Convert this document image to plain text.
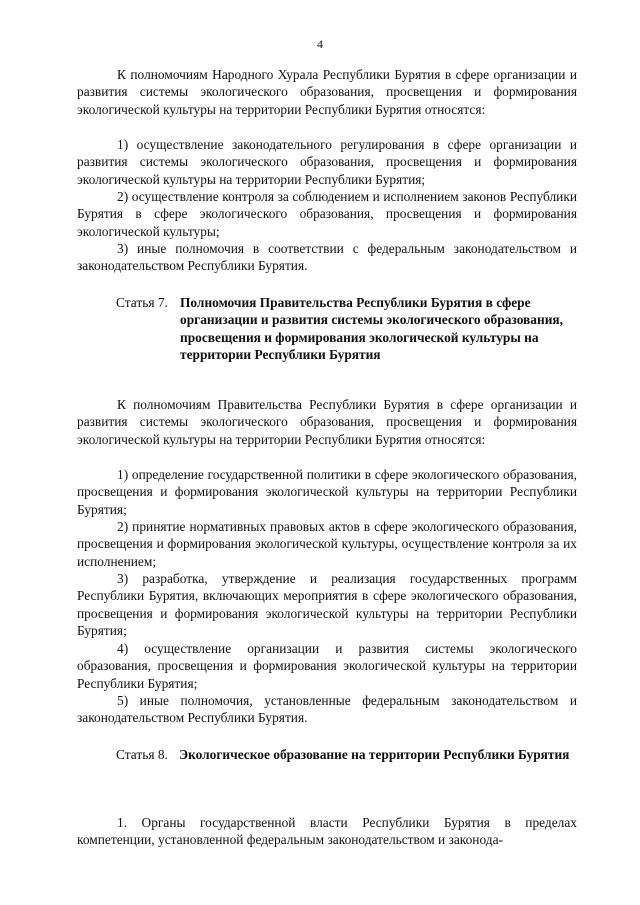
4
К полномочиям Народного Хурала Республики Бурятия в сфере организации и развития системы экологического образования, просвещения и формирования экологической культуры на территории Республики Бурятия относятся:
1) осуществление законодательного регулирования в сфере организации и развития системы экологического образования, просвещения и формирования экологической культуры на территории Республики Бурятия;
2) осуществление контроля за соблюдением и исполнением законов Республики Бурятия в сфере экологического образования, просвещения и формирования экологической культуры;
3) иные полномочия в соответствии с федеральным законодательством и законодательством Республики Бурятия.
Статья 7. Полномочия Правительства Республики Бурятия в сфере организации и развития системы экологического образования, просвещения и формирования экологической культуры на территории Республики Бурятия
К полномочиям Правительства Республики Бурятия в сфере организации и развития системы экологического образования, просвещения и формирования экологической культуры на территории Республики Бурятия относятся:
1) определение государственной политики в сфере экологического образования, просвещения и формирования экологической культуры на территории Республики Бурятия;
2) принятие нормативных правовых актов в сфере экологического образования, просвещения и формирования экологической культуры, осуществление контроля за их исполнением;
3) разработка, утверждение и реализация государственных программ Республики Бурятия, включающих мероприятия в сфере экологического образования, просвещения и формирования экологической культуры на территории Республики Бурятия;
4) осуществление организации и развития системы экологического образования, просвещения и формирования экологической культуры на территории Республики Бурятия;
5) иные полномочия, установленные федеральным законодательством и законодательством Республики Бурятия.
Статья 8. Экологическое образование на территории Республики Бурятия
1. Органы государственной власти Республики Бурятия в пределах компетенции, установленной федеральным законодательством и законода-
